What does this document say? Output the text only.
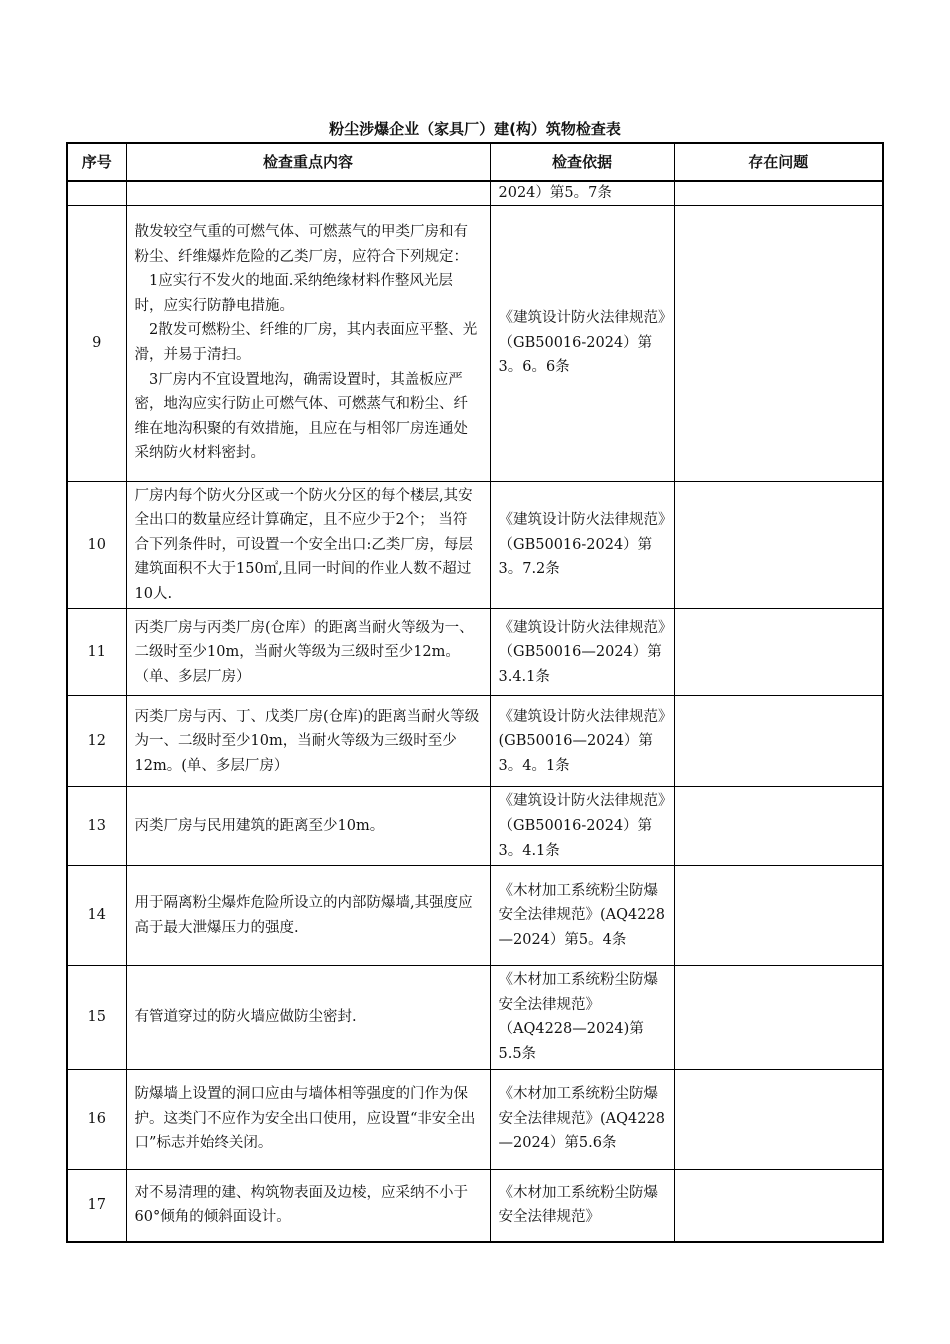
粉尘涉爆企业（家具厂）建(构）筑物检查表
序号	检查重点内容	检查依据	存在问题
		2024）第5。7条	
9	散发较空气重的可燃气体、可燃蒸气的甲类厂房和有粉尘、纤维爆炸危险的乙类厂房，应符合下列规定：
1应实行不发火的地面.采纳绝缘材料作整风光层时，应实行防静电措施。
2散发可燃粉尘、纤维的厂房，其内表面应平整、光滑，并易于清扫。
3厂房内不宜设置地沟，确需设置时，其盖板应严密，地沟应实行防止可燃气体、可燃蒸气和粉尘、纤维在地沟积聚的有效措施，且应在与相邻厂房连通处采纳防火材料密封。	《建筑设计防火法律规范》（GB50016-2024）第3。6。6条	
10	厂房内每个防火分区或一个防火分区的每个楼层,其安全出口的数量应经计算确定，且不应少于2个； 当符合下列条件时，可设置一个安全出口:乙类厂房，每层建筑面积不大于150㎡,且同一时间的作业人数不超过10人.	《建筑设计防火法律规范》（GB50016-2024）第3。7.2条	
11	丙类厂房与丙类厂房(仓库）的距离当耐火等级为一、二级时至少10m，当耐火等级为三级时至少12m。（单、多层厂房）	《建筑设计防火法律规范》（GB50016—2024）第3.4.1条	
12	丙类厂房与丙、丁、戊类厂房(仓库)的距离当耐火等级为一、二级时至少10m，当耐火等级为三级时至少12m。(单、多层厂房）	《建筑设计防火法律规范》(GB50016—2024）第3。4。1条	
13	丙类厂房与民用建筑的距离至少10m。	《建筑设计防火法律规范》（GB50016-2024）第3。4.1条	
14	用于隔离粉尘爆炸危险所设立的内部防爆墙,其强度应高于最大泄爆压力的强度.	《木材加工系统粉尘防爆安全法律规范》(AQ4228—2024）第5。4条	
15	有管道穿过的防火墙应做防尘密封.	《木材加工系统粉尘防爆安全法律规范》（AQ4228—2024)第5.5条	
16	防爆墙上设置的洞口应由与墙体相等强度的门作为保护。这类门不应作为安全出口使用，应设置“非安全出口”标志并始终关闭。	《木材加工系统粉尘防爆安全法律规范》(AQ4228—2024）第5.6条	
17	对不易清理的建、构筑物表面及边棱，应采纳不小于60°倾角的倾斜面设计。	《木材加工系统粉尘防爆安全法律规范》	
